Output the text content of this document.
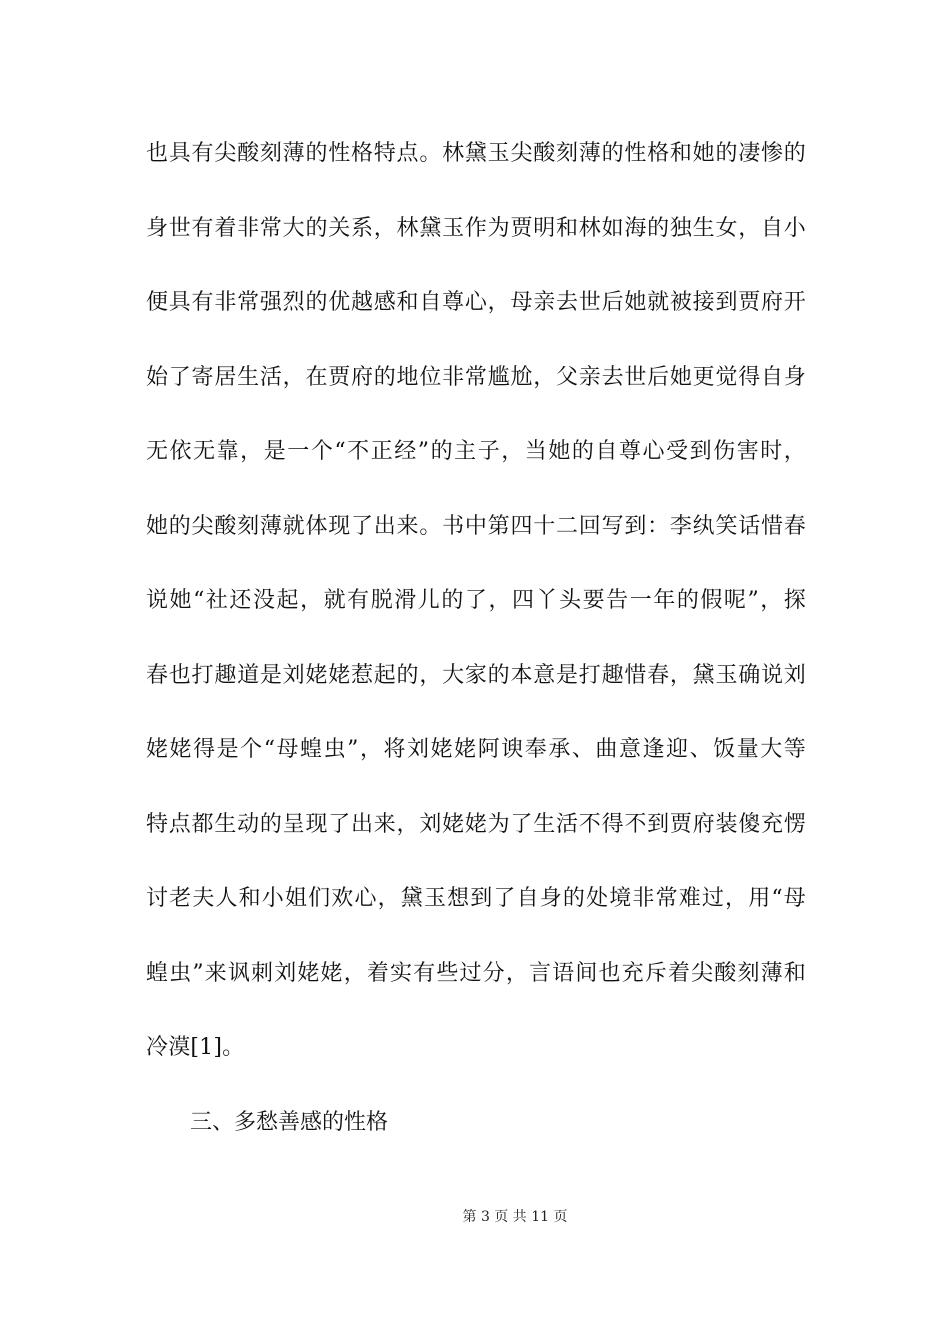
也具有尖酸刻薄的性格特点。林黛玉尖酸刻薄的性格和她的凄惨的
身世有着非常大的关系，林黛玉作为贾明和林如海的独生女，自小
便具有非常强烈的优越感和自尊心，母亲去世后她就被接到贾府开
始了寄居生活，在贾府的地位非常尴尬，父亲去世后她更觉得自身
无依无靠，是一个“不正经”的主子，当她的自尊心受到伤害时，
她的尖酸刻薄就体现了出来。书中第四十二回写到：李纨笑话惜春
说她“社还没起，就有脱滑儿的了，四丫头要告一年的假呢”，探
春也打趣道是刘姥姥惹起的，大家的本意是打趣惜春，黛玉确说刘
姥姥得是个“母蝗虫”，将刘姥姥阿谀奉承、曲意逢迎、饭量大等
特点都生动的呈现了出来，刘姥姥为了生活不得不到贾府装傻充愣
讨老夫人和小姐们欢心，黛玉想到了自身的处境非常难过，用“母
蝗虫”来讽刺刘姥姥，着实有些过分，言语间也充斥着尖酸刻薄和
冷漠[1]。
三、多愁善感的性格
第 3 页 共 11 页
